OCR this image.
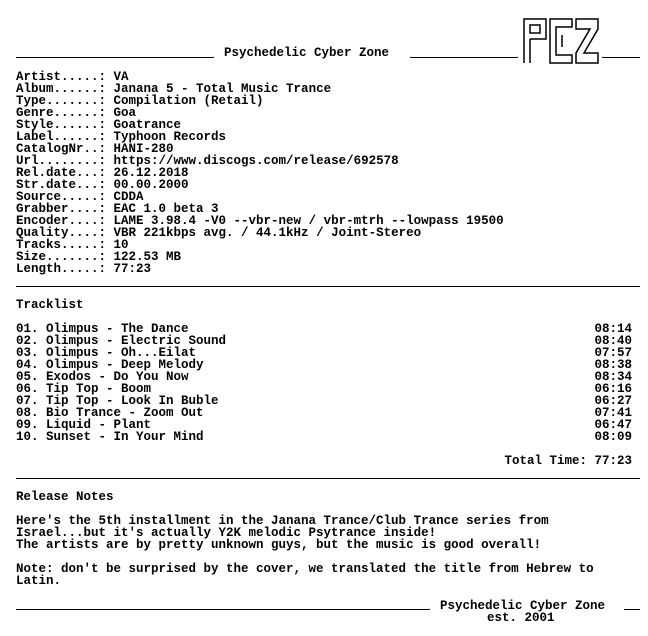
Psychedelic Cyber Zone
Artist.....: VA
Album......: Janana 5 - Total Music Trance
Type.......: Compilation (Retail)
Genre......: Goa
Style......: Goatrance
Label......: Typhoon Records
CatalogNr..: HANI-280
Url........: https://www.discogs.com/release/692578
Rel.date...: 26.12.2018
Str.date...: 00.00.2000
Source.....: CDDA
Grabber....: EAC 1.0 beta 3
Encoder....: LAME 3.98.4 -V0 --vbr-new / vbr-mtrh --lowpass 19500
Quality....: VBR 221kbps avg. / 44.1kHz / Joint-Stereo
Tracks.....: 10
Size.......: 122.53 MB
Length.....: 77:23
Tracklist
01. Olimpus - The Dance	08:14
02. Olimpus - Electric Sound	08:40
03. Olimpus - Oh...Eilat	07:57
04. Olimpus - Deep Melody	08:38
05. Exodos - Do You Now	08:34
06. Tip Top - Boom	06:16
07. Tip Top - Look In Buble	06:27
08. Bio Trance - Zoom Out	07:41
09. Liquid - Plant	06:47
10. Sunset - In Your Mind	08:09
Total Time: 77:23
Release Notes
Here's the 5th installment in the Janana Trance/Club Trance series from
Israel...but it's actually Y2K melodic Psytrance inside!
The artists are by pretty unknown guys, but the music is good overall!
Note: don't be surprised by the cover, we translated the title from Hebrew to
Latin.
Psychedelic Cyber Zone
est. 2001
